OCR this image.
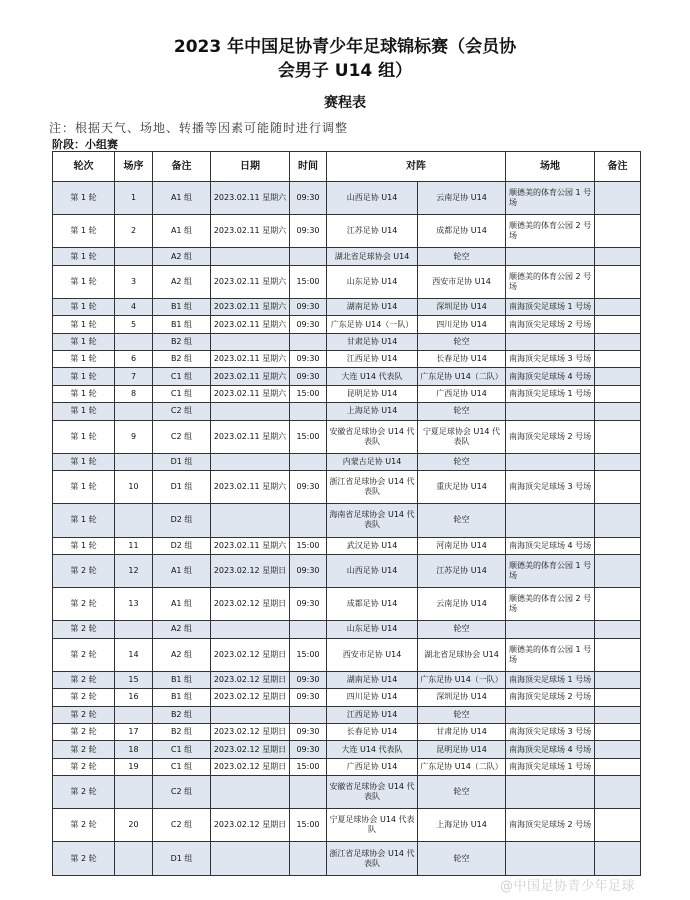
2023 年中国足协青少年足球锦标赛（会员协
会男子 U14 组）
赛程表
注：根据天气、场地、转播等因素可能随时进行调整
阶段：小组赛
轮次	场序	备注	日期	时间	对阵		场地	备注
第 1 轮	1	A1 组	2023.02.11 星期六	09:30	山西足协 U14	云南足协 U14	顺德美的体育公园 1 号场	
第 1 轮	2	A1 组	2023.02.11 星期六	09:30	江苏足协 U14	成都足协 U14	顺德美的体育公园 2 号场	
第 1 轮		A2 组			湖北省足球协会 U14	轮空		
第 1 轮	3	A2 组	2023.02.11 星期六	15:00	山东足协 U14	西安市足协 U14	顺德美的体育公园 2 号场	
第 1 轮	4	B1 组	2023.02.11 星期六	09:30	湖南足协 U14	深圳足协 U14	南海顶尖足球场 1 号场	
第 1 轮	5	B1 组	2023.02.11 星期六	09:30	广东足协 U14（一队）	四川足协 U14	南海顶尖足球场 2 号场	
第 1 轮		B2 组			甘肃足协 U14	轮空		
第 1 轮	6	B2 组	2023.02.11 星期六	09:30	江西足协 U14	长春足协 U14	南海顶尖足球场 3 号场	
第 1 轮	7	C1 组	2023.02.11 星期六	09:30	大连 U14 代表队	广东足协 U14（二队）	南海顶尖足球场 4 号场	
第 1 轮	8	C1 组	2023.02.11 星期六	15:00	昆明足协 U14	广西足协 U14	南海顶尖足球场 1 号场	
第 1 轮		C2 组			上海足协 U14	轮空		
第 1 轮	9	C2 组	2023.02.11 星期六	15:00	安徽省足球协会 U14 代表队	宁夏足球协会 U14 代表队	南海顶尖足球场 2 号场	
第 1 轮		D1 组			内蒙古足协 U14	轮空		
第 1 轮	10	D1 组	2023.02.11 星期六	09:30	浙江省足球协会 U14 代表队	重庆足协 U14	南海顶尖足球场 3 号场	
第 1 轮		D2 组			海南省足球协会 U14 代表队	轮空		
第 1 轮	11	D2 组	2023.02.11 星期六	15:00	武汉足协 U14	河南足协 U14	南海顶尖足球场 4 号场	
第 2 轮	12	A1 组	2023.02.12 星期日	09:30	山西足协 U14	江苏足协 U14	顺德美的体育公园 1 号场	
第 2 轮	13	A1 组	2023.02.12 星期日	09:30	成都足协 U14	云南足协 U14	顺德美的体育公园 2 号场	
第 2 轮		A2 组			山东足协 U14	轮空		
第 2 轮	14	A2 组	2023.02.12 星期日	15:00	西安市足协 U14	湖北省足球协会 U14	顺德美的体育公园 1 号场	
第 2 轮	15	B1 组	2023.02.12 星期日	09:30	湖南足协 U14	广东足协 U14（一队）	南海顶尖足球场 1 号场	
第 2 轮	16	B1 组	2023.02.12 星期日	09:30	四川足协 U14	深圳足协 U14	南海顶尖足球场 2 号场	
第 2 轮		B2 组			江西足协 U14	轮空		
第 2 轮	17	B2 组	2023.02.12 星期日	09:30	长春足协 U14	甘肃足协 U14	南海顶尖足球场 3 号场	
第 2 轮	18	C1 组	2023.02.12 星期日	09:30	大连 U14 代表队	昆明足协 U14	南海顶尖足球场 4 号场	
第 2 轮	19	C1 组	2023.02.12 星期日	15:00	广西足协 U14	广东足协 U14（二队）	南海顶尖足球场 1 号场	
第 2 轮		C2 组			安徽省足球协会 U14 代表队	轮空		
第 2 轮	20	C2 组	2023.02.12 星期日	15:00	宁夏足球协会 U14 代表队	上海足协 U14	南海顶尖足球场 2 号场	
第 2 轮		D1 组			浙江省足球协会 U14 代表队	轮空		
@中国足协青少年足球
